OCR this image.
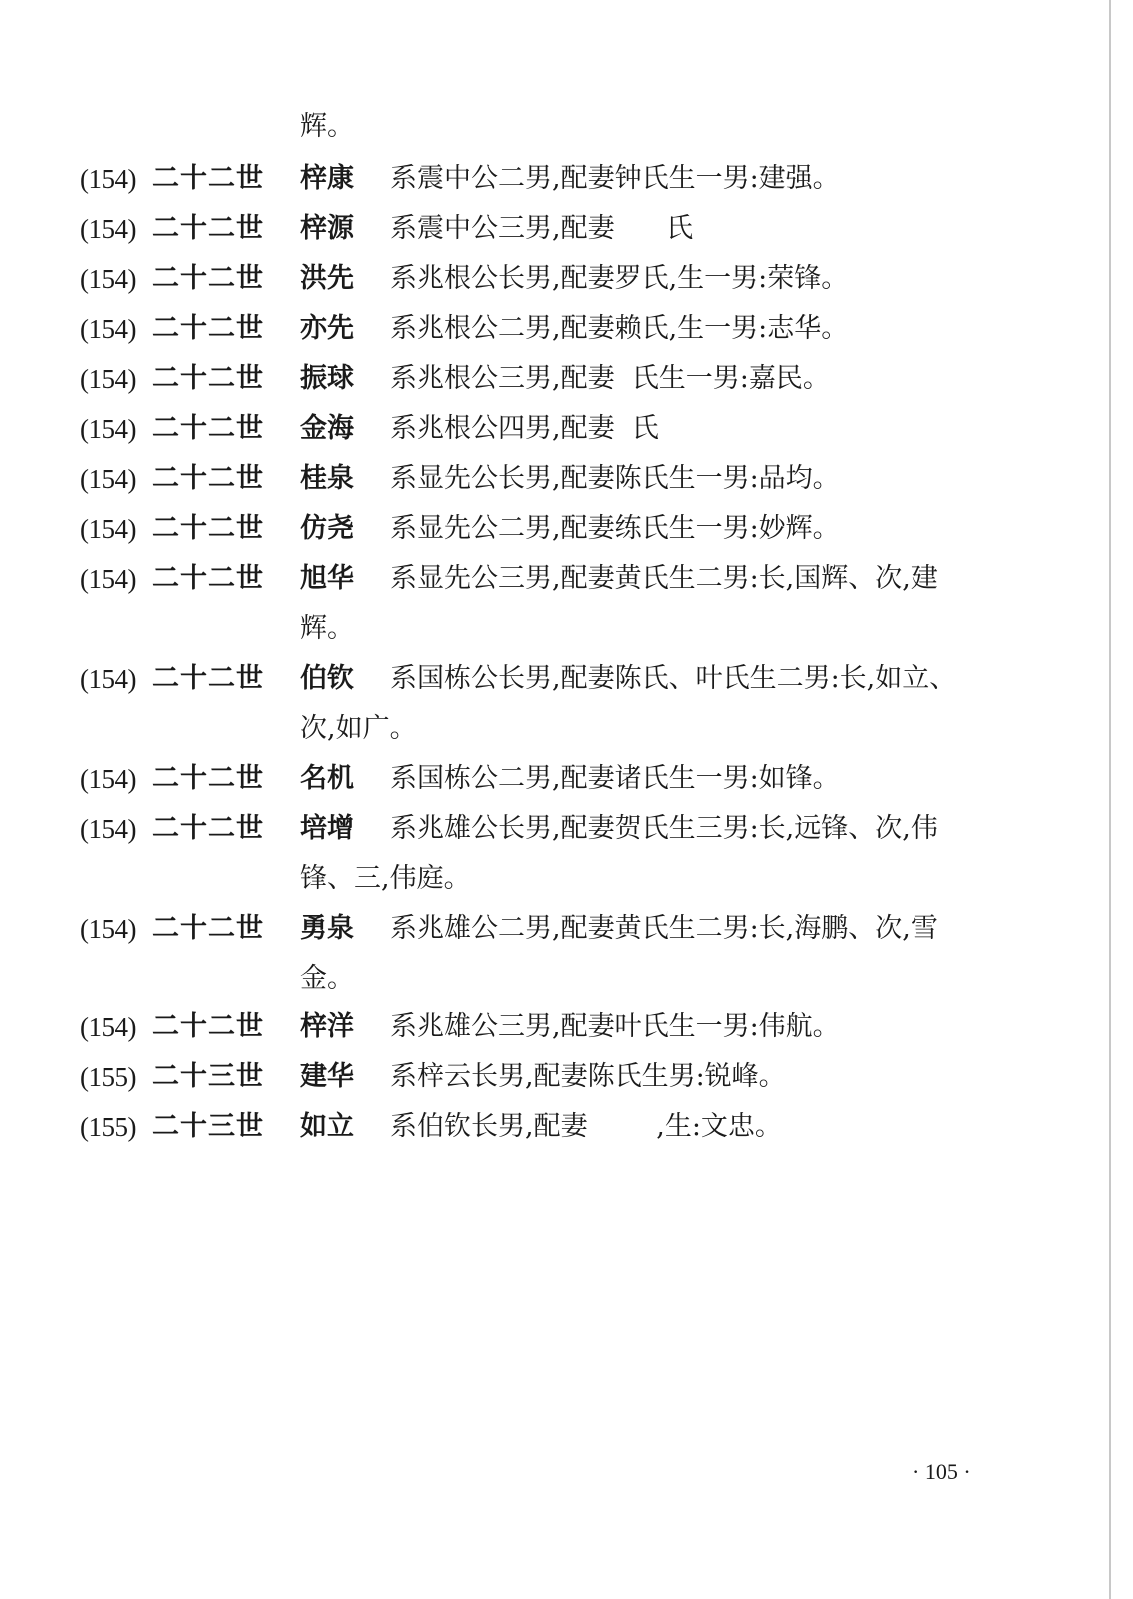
辉。
(154) 二十二世 梓康 系震中公二男,配妻钟氏生一男:建强。
(154) 二十二世 梓源 系震中公三男,配妻      氏
(154) 二十二世 洪先 系兆根公长男,配妻罗氏,生一男:荣锋。
(154) 二十二世 亦先 系兆根公二男,配妻赖氏,生一男:志华。
(154) 二十二世 振球 系兆根公三男,配妻  氏生一男:嘉民。
(154) 二十二世 金海 系兆根公四男,配妻  氏
(154) 二十二世 桂泉 系显先公长男,配妻陈氏生一男:品均。
(154) 二十二世 仿尧 系显先公二男,配妻练氏生一男:妙辉。
(154) 二十二世 旭华 系显先公三男,配妻黄氏生二男:长,国辉、次,建
辉。
(154) 二十二世 伯钦 系国栋公长男,配妻陈氏、叶氏生二男:长,如立、
次,如广。
(154) 二十二世 名机 系国栋公二男,配妻诸氏生一男:如锋。
(154) 二十二世 培增 系兆雄公长男,配妻贺氏生三男:长,远锋、次,伟
锋、三,伟庭。
(154) 二十二世 勇泉 系兆雄公二男,配妻黄氏生二男:长,海鹏、次,雪
金。
(154) 二十二世 梓洋 系兆雄公三男,配妻叶氏生一男:伟航。
(155) 二十三世 建华 系梓云长男,配妻陈氏生男:锐峰。
(155) 二十三世 如立 系伯钦长男,配妻        ,生:文忠。
· 105 ·
